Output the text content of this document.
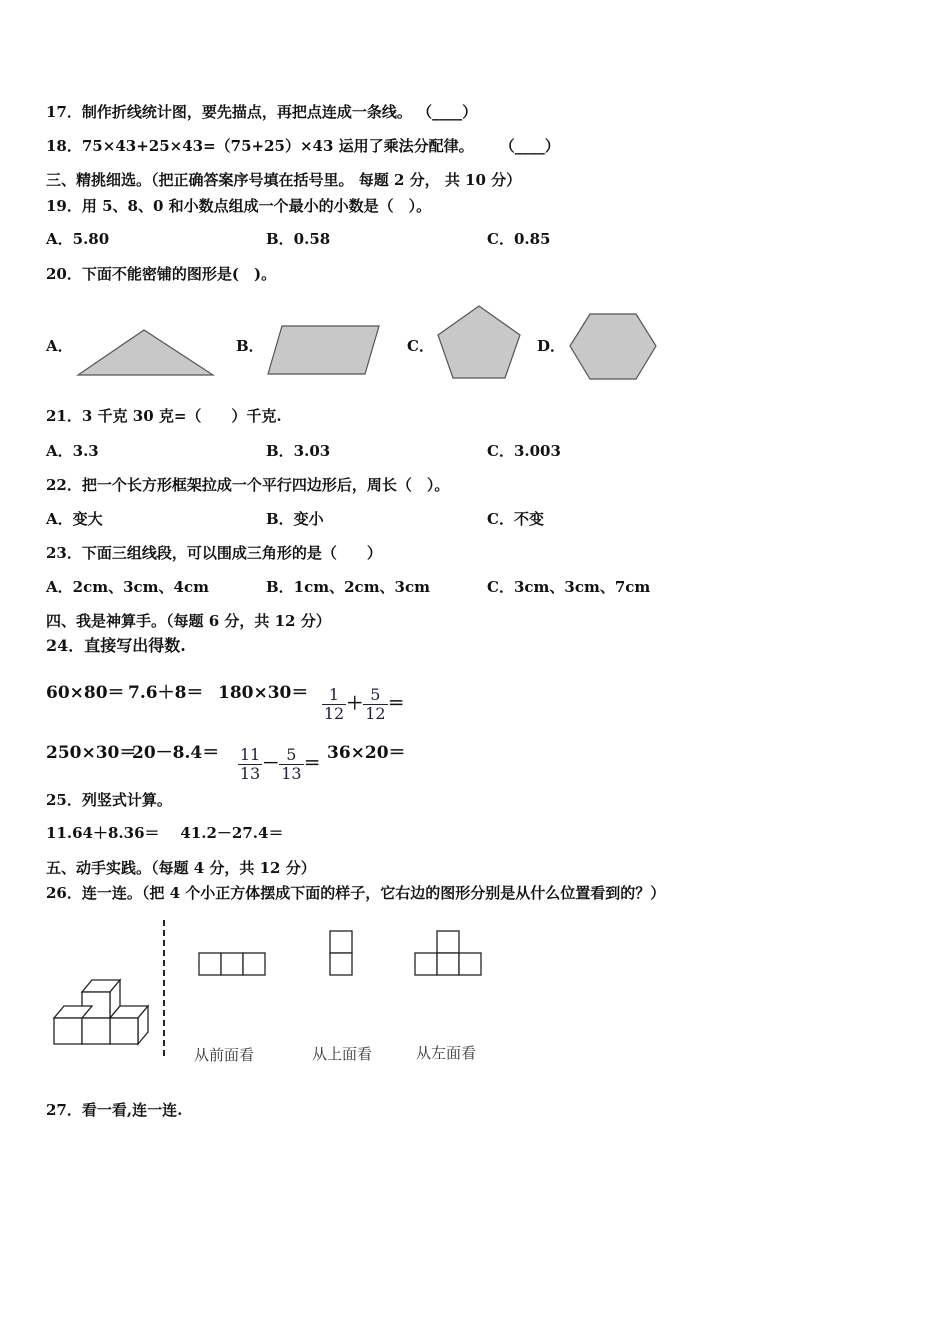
17．制作折线统计图，要先描点，再把点连成一条线。 （____）
18．75×43+25×43=（75+25）×43 运用了乘法分配律。     （____）
三、精挑细选。（把正确答案序号填在括号里。 每题 2 分， 共 10 分）
19．用 5、8、0 和小数点组成一个最小的小数是（　）。
A．5.80	B．0.58	C．0.85
20．下面不能密铺的图形是(　)。
A．	B．	C．	D．
21．3 千克 30 克=（　　）千克.
A．3.3	B．3.03	C．3.003
22．把一个长方形框架拉成一个平行四边形后，周长（　）。
A．变大	B．变小	C．不变
23．下面三组线段，可以围成三角形的是（　　）
A．2cm、3cm、4cm	B．1cm、2cm、3cm	C．3cm、3cm、7cm
四、我是神算手。（每题 6 分，共 12 分）
24．直接写出得数.
60×80＝ 7.6＋8＝ 180×30＝

$\frac{1}{12} + \frac{5}{12}$ ＝

250×30＝
20－8.4＝

$\frac{11}{13} - \frac{5}{13}$ ＝

36×20＝
25．列竖式计算。
11.64＋8.36＝    41.2－27.4＝
五、动手实践。（每题 4 分，共 12 分）
26．连一连。（把 4 个小正方体摆成下面的样子，它右边的图形分别是从什么位置看到的？）
从前面看	从上面看	从左面看
27．看一看,连一连.
